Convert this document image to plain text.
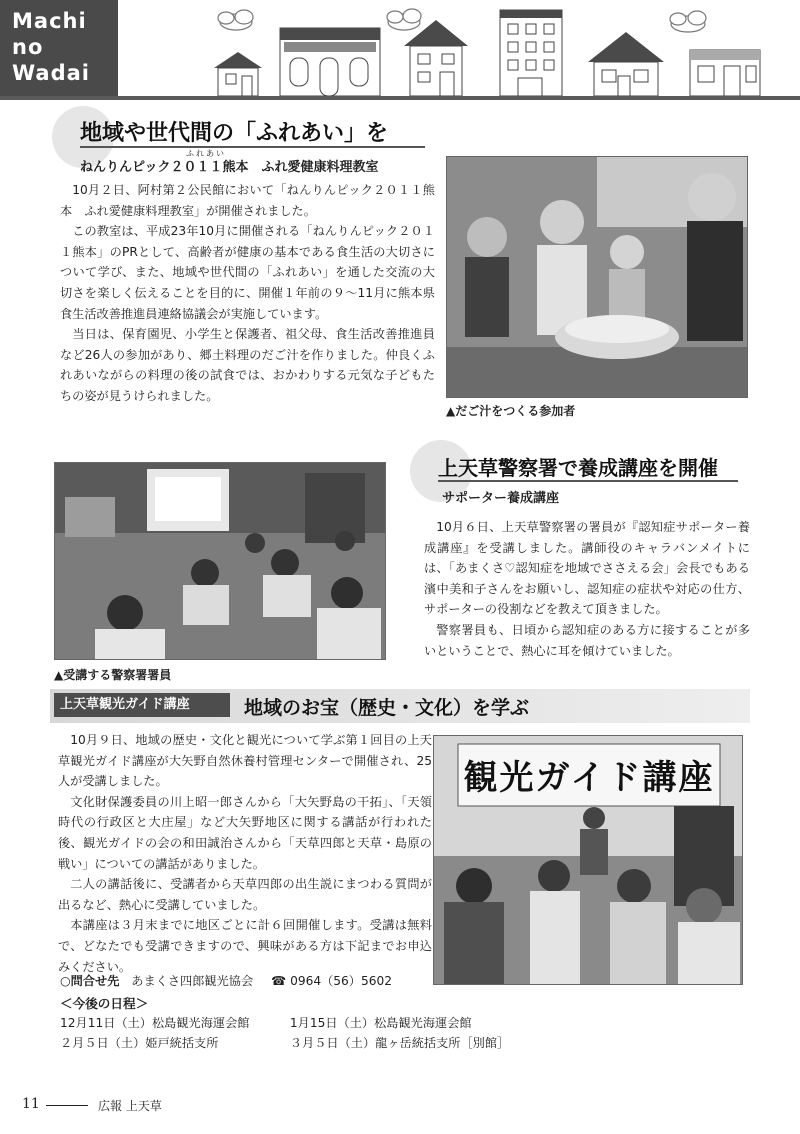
Machi
no
Wadai
地域や世代間の「ふれあい」を
ふれあい
ねんりんピック２０１１熊本　ふれ愛健康料理教室

10月２日、阿村第２公民館において「ねんりんピック２０１１熊本　ふれ愛健康料理教室」が開催されました。

この教室は、平成23年10月に開催される「ねんりんピック２０１１熊本」のPRとして、高齢者が健康の基本である食生活の大切さについて学び、また、地域や世代間の「ふれあい」を通した交流の大切さを楽しく伝えることを目的に、開催１年前の９～11月に熊本県食生活改善推進員連絡協議会が実施しています。

当日は、保育園児、小学生と保護者、祖父母、食生活改善推進員など26人の参加があり、郷土料理のだご汁を作りました。仲良くふれあいながらの料理の後の試食では、おかわりする元気な子どもたちの姿が見うけられました。

▲だご汁をつくる参加者
▲受講する警察署署員
上天草警察署で養成講座を開催
サポーター養成講座

10月６日、上天草警察署の署員が『認知症サポーター養成講座』を受講しました。講師役のキャラバンメイトには、「あまくさ♡認知症を地域でささえる会」会長でもある濱中美和子さんをお願いし、認知症の症状や対応の仕方、サポーターの役割などを教えて頂きました。

警察署員も、日頃から認知症のある方に接することが多いということで、熱心に耳を傾けていました。

上天草観光ガイド講座	地域のお宝（歴史・文化）を学ぶ

10月９日、地域の歴史・文化と観光について学ぶ第１回目の上天草観光ガイド講座が大矢野自然休養村管理センターで開催され、25人が受講しました。

文化財保護委員の川上昭一郎さんから「大矢野島の干拓」、「天領時代の行政区と大庄屋」など大矢野地区に関する講話が行われた後、観光ガイドの会の和田誠治さんから「天草四郎と天草・島原の戦い」についての講話がありました。

二人の講話後に、受講者から天草四郎の出生説にまつわる質問が出るなど、熱心に受講していました。

本講座は３月末までに地区ごとに計６回開催します。受講は無料で、どなたでも受講できますので、興味がある方は下記までお申込みください。

○問合せ先 あまくさ四郎観光協会 ☎ 0964（56）5602
観光ガイド講座
＜今後の日程＞
12月11日（土）松島観光海運会館	1月15日（土）松島観光海運会館
２月５日（土）姫戸統括支所	３月５日（土）龍ヶ岳統括支所［別館］
11	広報 上天草
